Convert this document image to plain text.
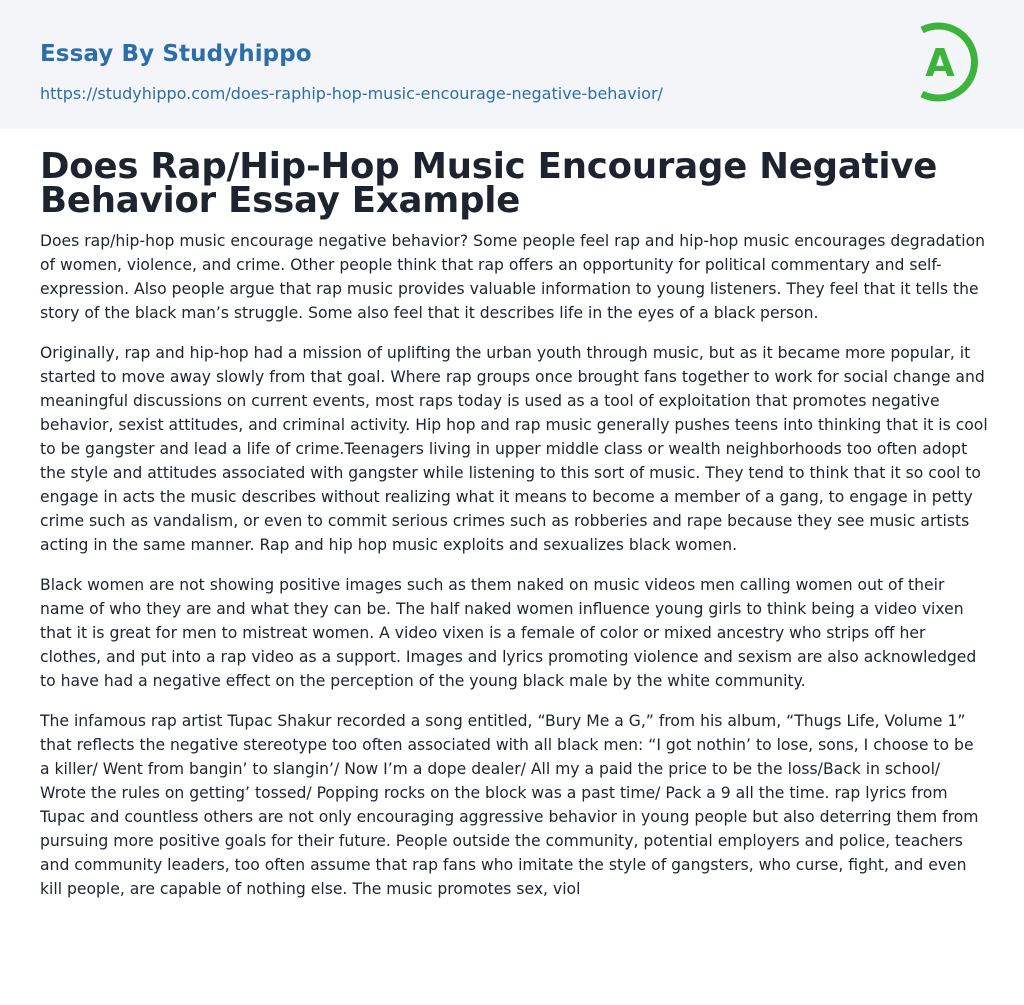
Essay By Studyhippo
https://studyhippo.com/does-raphip-hop-music-encourage-negative-behavior/
A
Does Rap/Hip-Hop Music Encourage Negative Behavior Essay Example

Does rap/hip-hop music encourage negative behavior? Some people feel rap and hip-hop music encourages degradation of women, violence, and crime. Other people think that rap offers an opportunity for political commentary and self-expression. Also people argue that rap music provides valuable information to young listeners. They feel that it tells the story of the black man’s struggle. Some also feel that it describes life in the eyes of a black person.

Originally, rap and hip-hop had a mission of uplifting the urban youth through music, but as it became more popular, it started to move away slowly from that goal. Where rap groups once brought fans together to work for social change and meaningful discussions on current events, most raps today is used as a tool of exploitation that promotes negative behavior, sexist attitudes, and criminal activity. Hip hop and rap music generally pushes teens into thinking that it is cool to be gangster and lead a life of crime.Teenagers living in upper middle class or wealth neighborhoods too often adopt the style and attitudes associated with gangster while listening to this sort of music. They tend to think that it so cool to engage in acts the music describes without realizing what it means to become a member of a gang, to engage in petty crime such as vandalism, or even to commit serious crimes such as robberies and rape because they see music artists acting in the same manner. Rap and hip hop music exploits and sexualizes black women.

Black women are not showing positive images such as them naked on music videos men calling women out of their name of who they are and what they can be. The half naked women influence young girls to think being a video vixen that it is great for men to mistreat women. A video vixen is a female of color or mixed ancestry who strips off her clothes, and put into a rap video as a support. Images and lyrics promoting violence and sexism are also acknowledged to have had a negative effect on the perception of the young black male by the white community.

The infamous rap artist Tupac Shakur recorded a song entitled, “Bury Me a G,” from his album, “Thugs Life, Volume 1” that reflects the negative stereotype too often associated with all black men: “I got nothin’ to lose, sons, I choose to be a killer/ Went from bangin’ to slangin’/ Now I’m a dope dealer/ All my a paid the price to be the loss/Back in school/ Wrote the rules on getting’ tossed/ Popping rocks on the block was a past time/ Pack a 9 all the time. rap lyrics from Tupac and countless others are not only encouraging aggressive behavior in young people but also deterring them from pursuing more positive goals for their future. People outside the community, potential employers and police, teachers and community leaders, too often assume that rap fans who imitate the style of gangsters, who curse, fight, and even kill people, are capable of nothing else. The music promotes sex, viol
